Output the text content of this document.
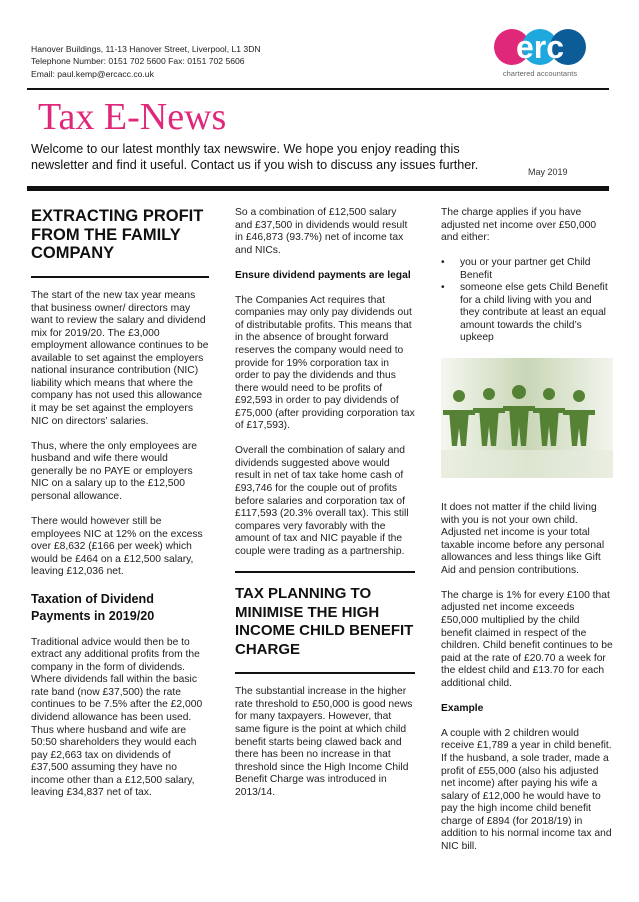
Hanover Buildings, 11-13 Hanover Street, Liverpool, L1 3DN
Telephone Number: 0151 702 5600 Fax: 0151 702 5606
Email: paul.kemp@ercacc.co.uk
erc
chartered accountants
Tax E-News
Welcome to our latest monthly tax newswire. We hope you enjoy reading this newsletter and find it useful. Contact us if you wish to discuss any issues further.	May 2019
EXTRACTING PROFIT FROM THE FAMILY COMPANY

The start of the new tax year means that business owner/ directors may want to review the salary and dividend mix for 2019/20. The £3,000 employment allowance continues to be available to set against the employers national insurance contribution (NIC) liability which means that where the company has not used this allowance it may be set against the employers NIC on directors’ salaries.

Thus, where the only employees are husband and wife there would generally be no PAYE or employers NIC on a salary up to the £12,500 personal allowance.

There would however still be employees NIC at 12% on the excess over £8,632 (£166 per week) which would be £464 on a £12,500 salary, leaving £12,036 net.

Taxation of Dividend Payments in 2019/20

Traditional advice would then be to extract any additional profits from the company in the form of dividends. Where dividends fall within the basic rate band (now £37,500) the rate continues to be 7.5% after the £2,000 dividend allowance has been used. Thus where husband and wife are 50:50 shareholders they would each pay £2,663 tax on dividends of £37,500 assuming they have no income other than a £12,500 salary, leaving £34,837 net of tax.

So a combination of £12,500 salary and £37,500 in dividends would result in £46,873 (93.7%) net of income tax and NICs.

Ensure dividend payments are legal

The Companies Act requires that companies may only pay dividends out of distributable profits. This means that in the absence of brought forward reserves the company would need to provide for 19% corporation tax in order to pay the dividends and thus there would need to be profits of £92,593 in order to pay dividends of £75,000 (after providing corporation tax of £17,593).

Overall the combination of salary and dividends suggested above would result in net of tax take home cash of £93,746 for the couple out of profits before salaries and corporation tax of £117,593 (20.3% overall tax). This still compares very favorably with the amount of tax and NIC payable if the couple were trading as a partnership.

TAX PLANNING TO MINIMISE THE HIGH INCOME CHILD BENEFIT CHARGE

The substantial increase in the higher rate threshold to £50,000 is good news for many taxpayers. However, that same figure is the point at which child benefit starts being clawed back and there has been no increase in that threshold since the High Income Child Benefit Charge was introduced in 2013/14.

The charge applies if you have adjusted net income over £50,000 and either:

• you or your partner get Child Benefit
• someone else gets Child Benefit for a child living with you and they contribute at least an equal amount towards the child’s upkeep

It does not matter if the child living with you is not your own child. Adjusted net income is your total taxable income before any personal allowances and less things like Gift Aid and pension contributions.

The charge is 1% for every £100 that adjusted net income exceeds £50,000 multiplied by the child benefit claimed in respect of the children. Child benefit continues to be paid at the rate of £20.70 a week for the eldest child and £13.70 for each additional child.

Example

A couple with 2 children would receive £1,789 a year in child benefit. If the husband, a sole trader, made a profit of £55,000 (also his adjusted net income) after paying his wife a salary of £12,000 he would have to pay the high income child benefit charge of £894 (for 2018/19) in addition to his normal income tax and NIC bill.
